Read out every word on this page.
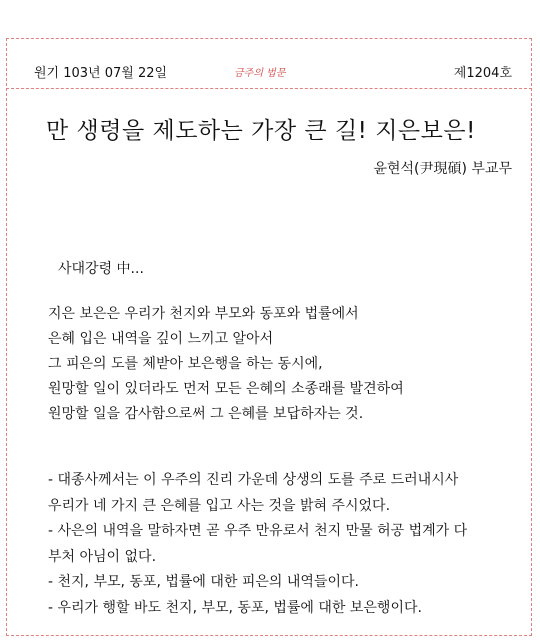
원기 103년 07월 22일	금주의 법문	제1204호
만 생령을 제도하는 가장 큰 길! 지은보은!
윤현석(尹現碩) 부교무
사대강령 中...
지은 보은은 우리가 천지와 부모와 동포와 법률에서
은혜 입은 내역을 깊이 느끼고 알아서
그 피은의 도를 체받아 보은행을 하는 동시에,
원망할 일이 있더라도 먼저 모든 은혜의 소종래를 발견하여
원망할 일을 감사함으로써 그 은혜를 보답하자는 것.
- 대종사께서는 이 우주의 진리 가운데 상생의 도를 주로 드러내시사
우리가 네 가지 큰 은혜를 입고 사는 것을 밝혀 주시었다.
- 사은의 내역을 말하자면 곧 우주 만유로서 천지 만물 허공 법계가 다
부처 아님이 없다.
- 천지, 부모, 동포, 법률에 대한 피은의 내역들이다.
- 우리가 행할 바도 천지, 부모, 동포, 법률에 대한 보은행이다.
